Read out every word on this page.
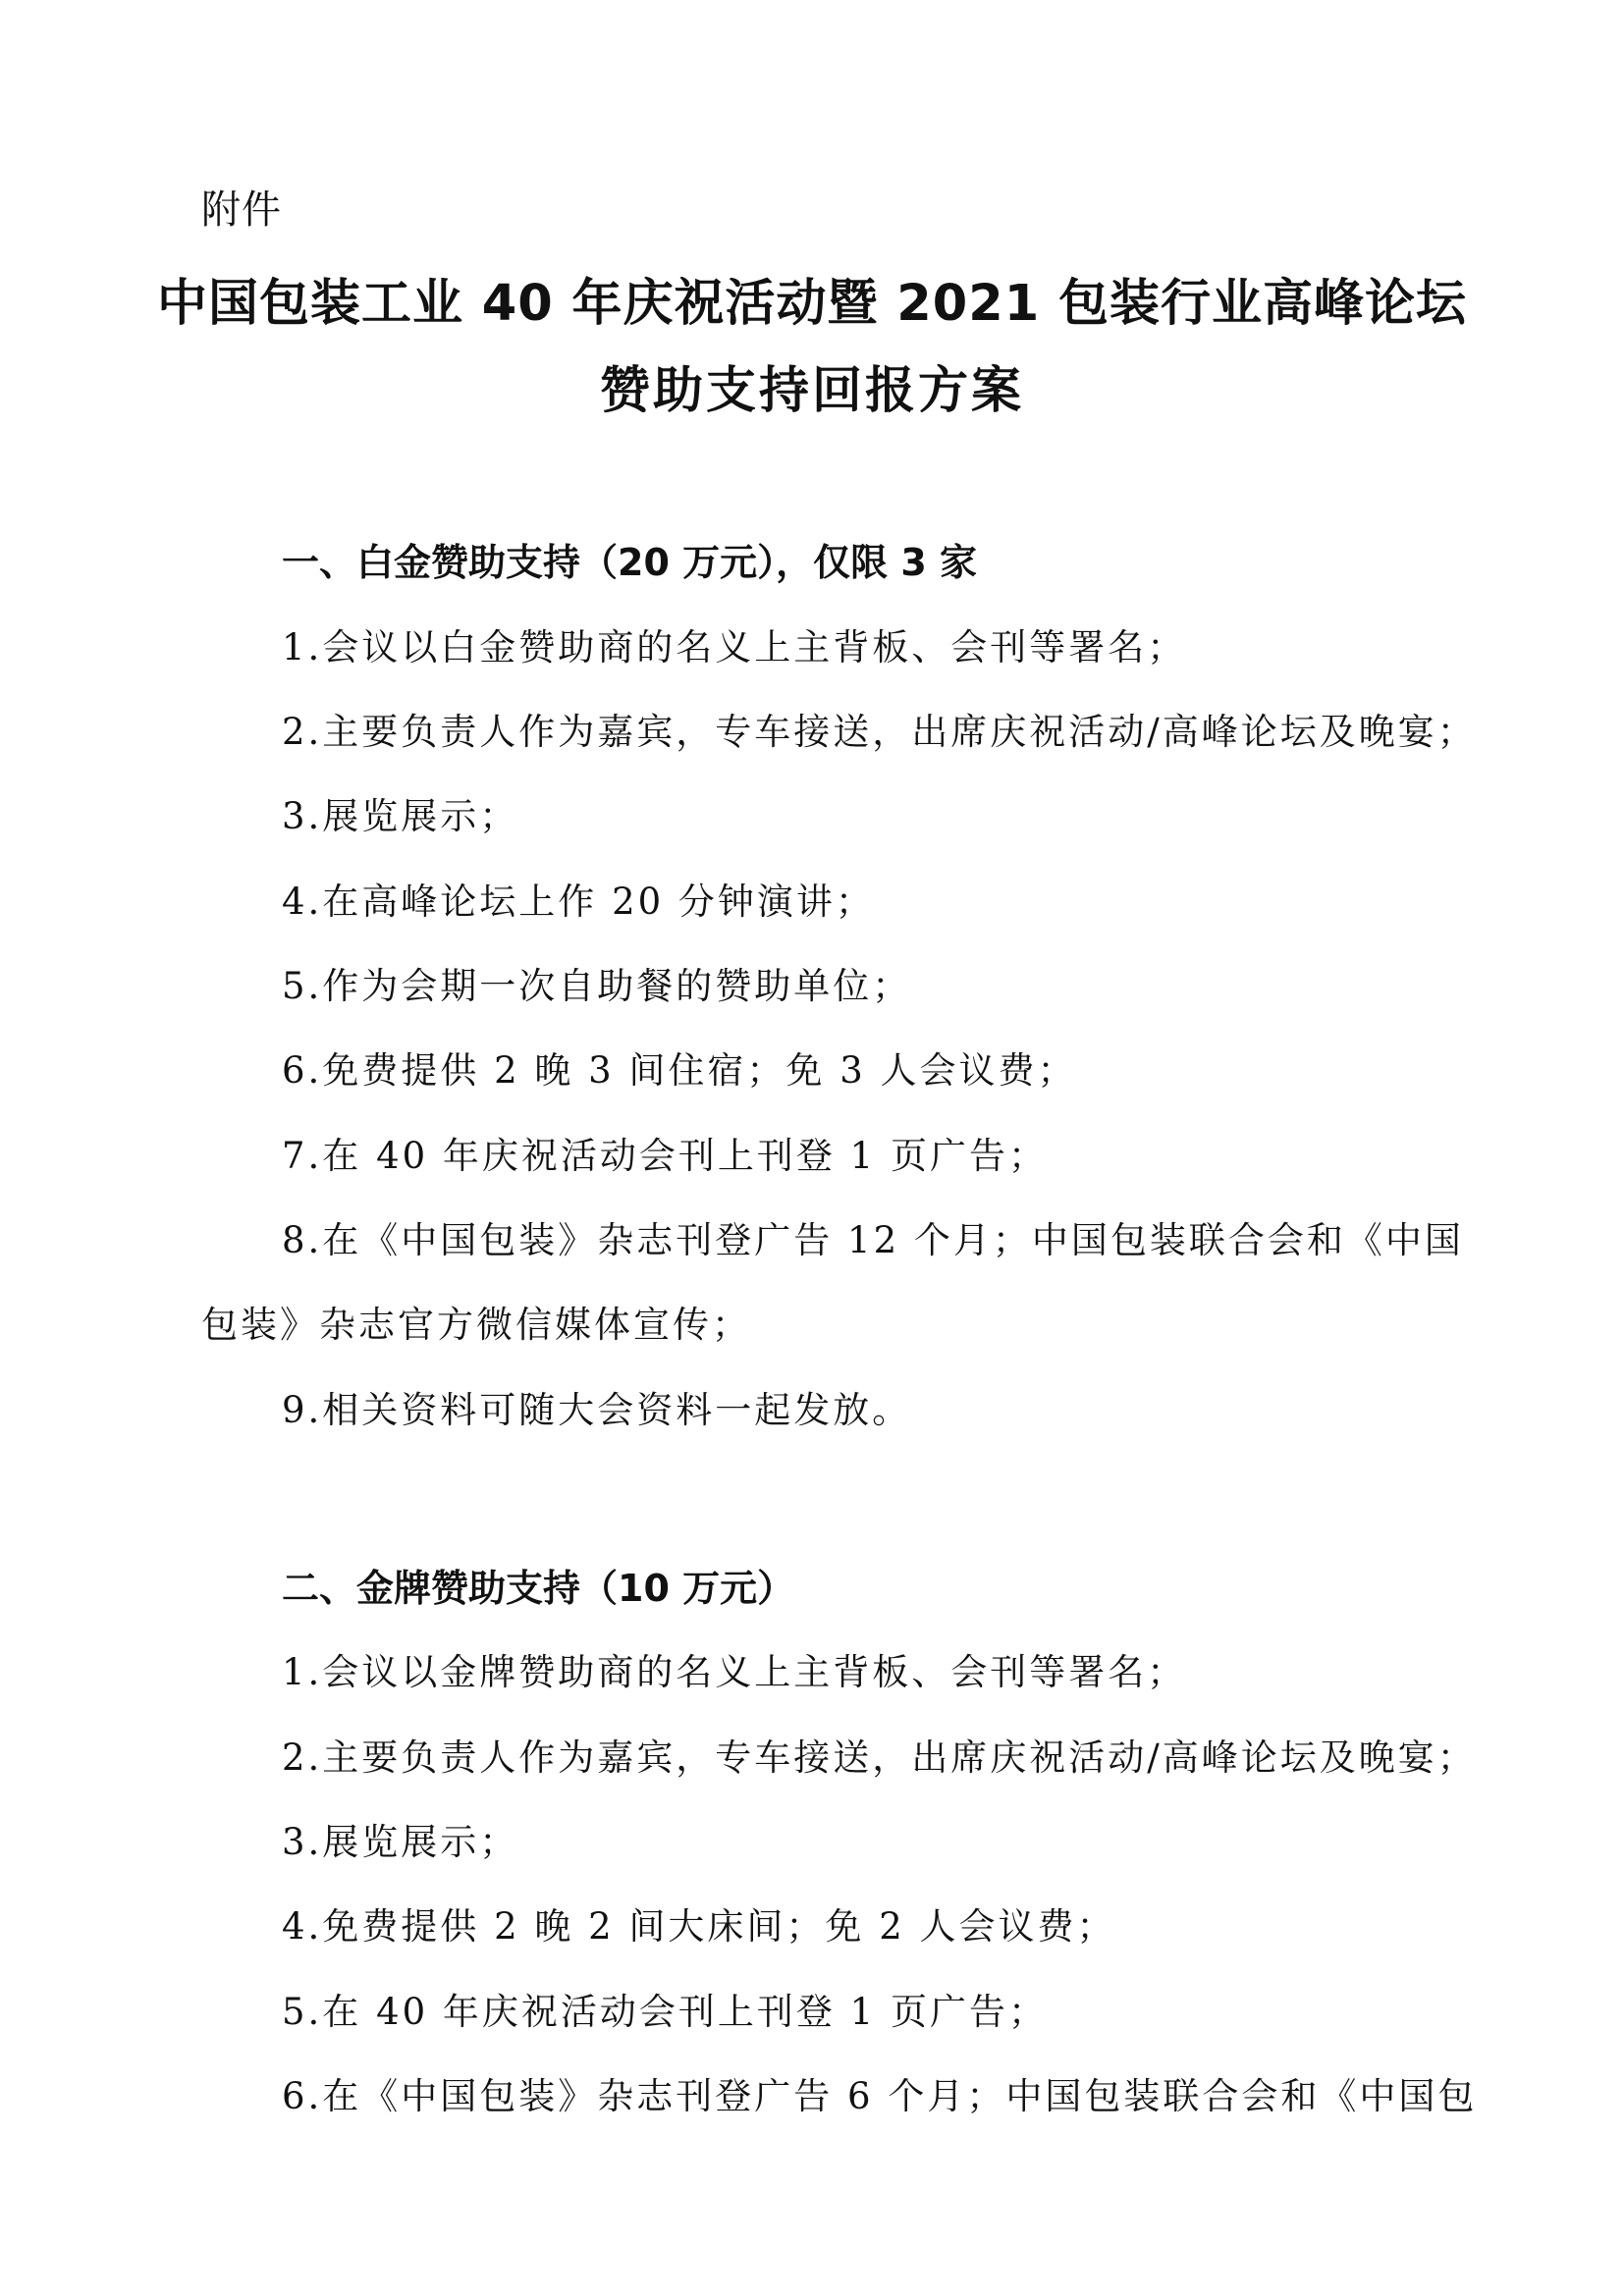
附件
中国包装工业 40 年庆祝活动暨 2021 包装行业高峰论坛
赞助支持回报方案
一、白金赞助支持（20 万元），仅限 3 家
1.会议以白金赞助商的名义上主背板、会刊等署名；
2.主要负责人作为嘉宾，专车接送，出席庆祝活动/高峰论坛及晚宴；
3.展览展示；
4.在高峰论坛上作 20 分钟演讲；
5.作为会期一次自助餐的赞助单位；
6.免费提供 2 晚 3 间住宿；免 3 人会议费；
7.在 40 年庆祝活动会刊上刊登 1 页广告；
8.在《中国包装》杂志刊登广告 12 个月；中国包装联合会和《中国
包装》杂志官方微信媒体宣传；
9.相关资料可随大会资料一起发放。
二、金牌赞助支持（10 万元）
1.会议以金牌赞助商的名义上主背板、会刊等署名；
2.主要负责人作为嘉宾，专车接送，出席庆祝活动/高峰论坛及晚宴；
3.展览展示；
4.免费提供 2 晚 2 间大床间；免 2 人会议费；
5.在 40 年庆祝活动会刊上刊登 1 页广告；
6.在《中国包装》杂志刊登广告 6 个月；中国包装联合会和《中国包
